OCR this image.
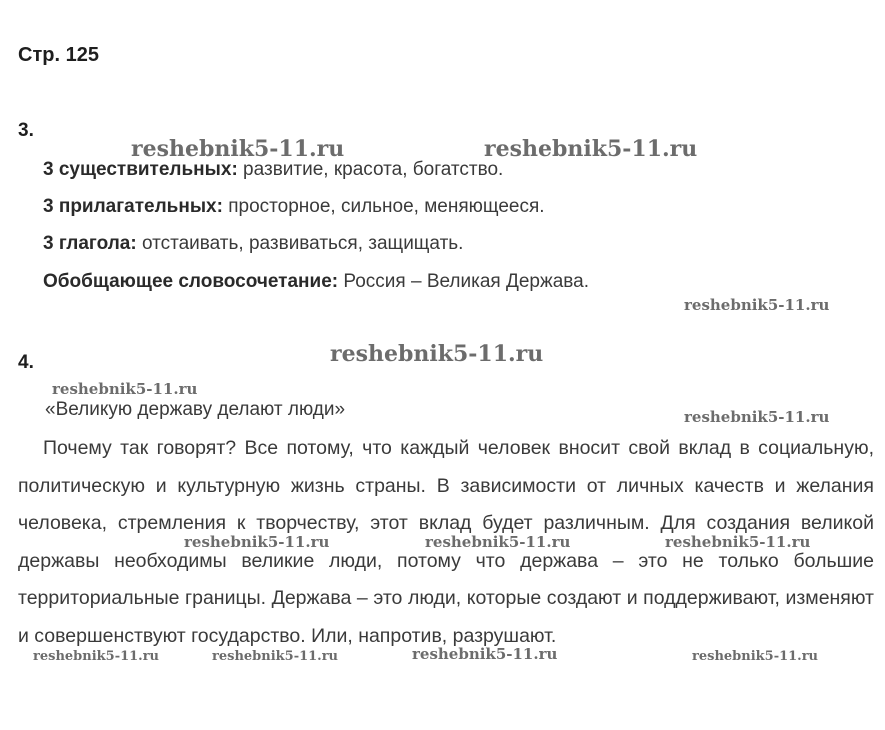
Стр. 125
3.
3 существительных: развитие, красота, богатство.
3 прилагательных: просторное, сильное, меняющееся.
3 глагола: отстаивать, развиваться, защищать.
Обобщающее словосочетание: Россия – Великая Держава.
4.
«Великую державу делают люди»
Почему так говорят? Все потому, что каждый человек вносит свой вклад в социальную, политическую и культурную жизнь страны. В зависимости от личных качеств и желания человека, стремления к творчеству, этот вклад будет различным. Для создания великой державы необходимы великие люди, потому что держава – это не только большие территориальные границы. Держава – это люди, которые создают и поддерживают, изменяют и совершенствуют государство. Или, напротив, разрушают.
reshebnik5-11.ru	reshebnik5-11.ru
reshebnik5-11.ru
reshebnik5-11.ru
reshebnik5-11.ru
reshebnik5-11.ru
reshebnik5-11.ru	reshebnik5-11.ru	reshebnik5-11.ru
reshebnik5-11.ru	reshebnik5-11.ru	reshebnik5-11.ru	reshebnik5-11.ru
